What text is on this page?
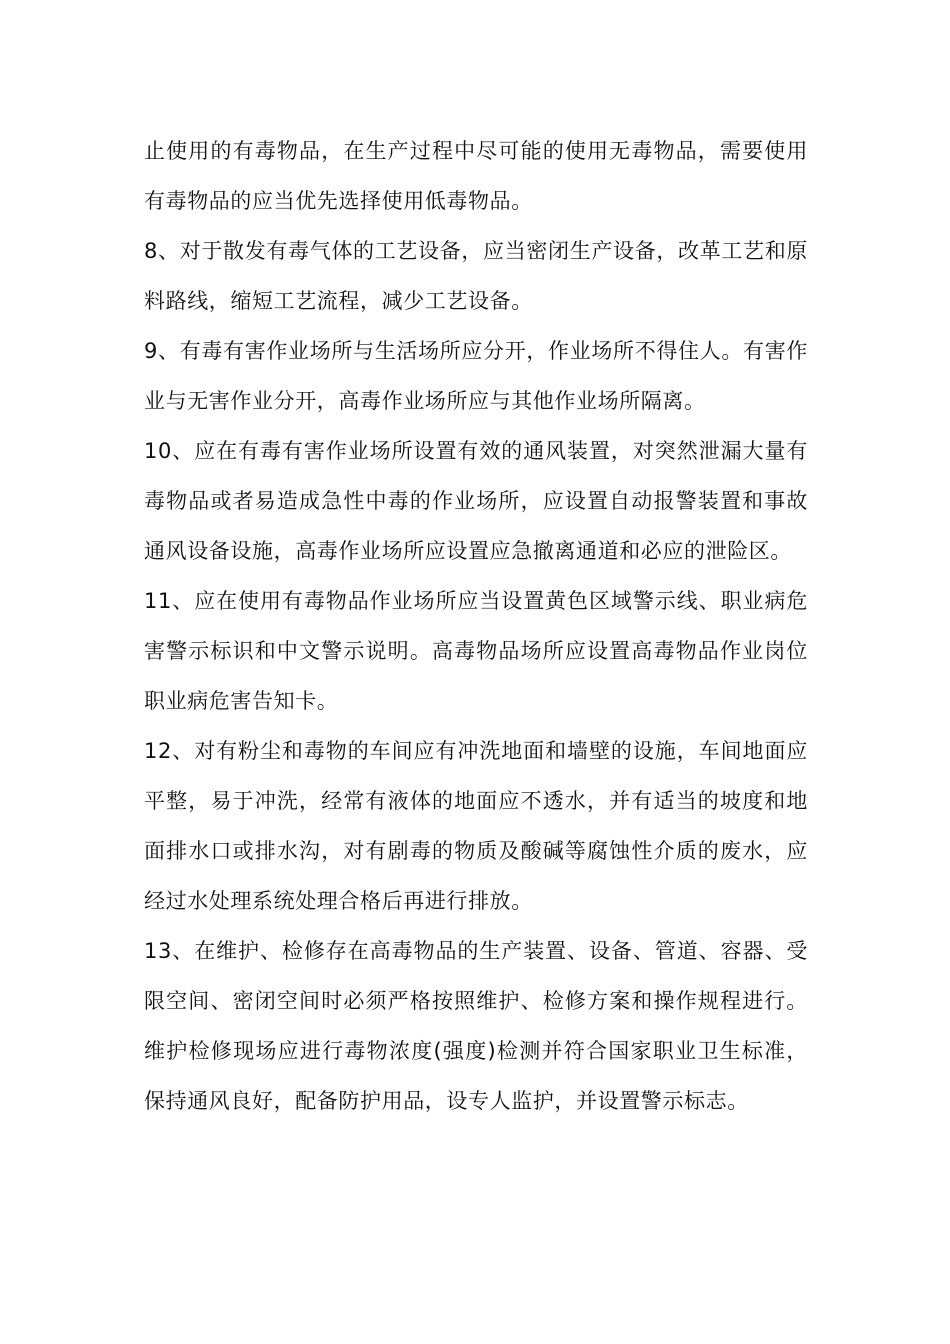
止使用的有毒物品，在生产过程中尽可能的使用无毒物品，需要使用有毒物品的应当优先选择使用低毒物品。

8、对于散发有毒气体的工艺设备，应当密闭生产设备，改革工艺和原料路线，缩短工艺流程，减少工艺设备。

9、有毒有害作业场所与生活场所应分开，作业场所不得住人。有害作业与无害作业分开，高毒作业场所应与其他作业场所隔离。

10、应在有毒有害作业场所设置有效的通风装置，对突然泄漏大量有毒物品或者易造成急性中毒的作业场所，应设置自动报警装置和事故通风设备设施，高毒作业场所应设置应急撤离通道和必应的泄险区。

11、应在使用有毒物品作业场所应当设置黄色区域警示线、职业病危害警示标识和中文警示说明。高毒物品场所应设置高毒物品作业岗位职业病危害告知卡。

12、对有粉尘和毒物的车间应有冲洗地面和墙壁的设施，车间地面应平整，易于冲洗，经常有液体的地面应不透水，并有适当的坡度和地面排水口或排水沟，对有剧毒的物质及酸碱等腐蚀性介质的废水，应经过水处理系统处理合格后再进行排放。

13、在维护、检修存在高毒物品的生产装置、设备、管道、容器、受限空间、密闭空间时必须严格按照维护、检修方案和操作规程进行。维护检修现场应进行毒物浓度(强度)检测并符合国家职业卫生标准，保持通风良好，配备防护用品，设专人监护，并设置警示标志。
